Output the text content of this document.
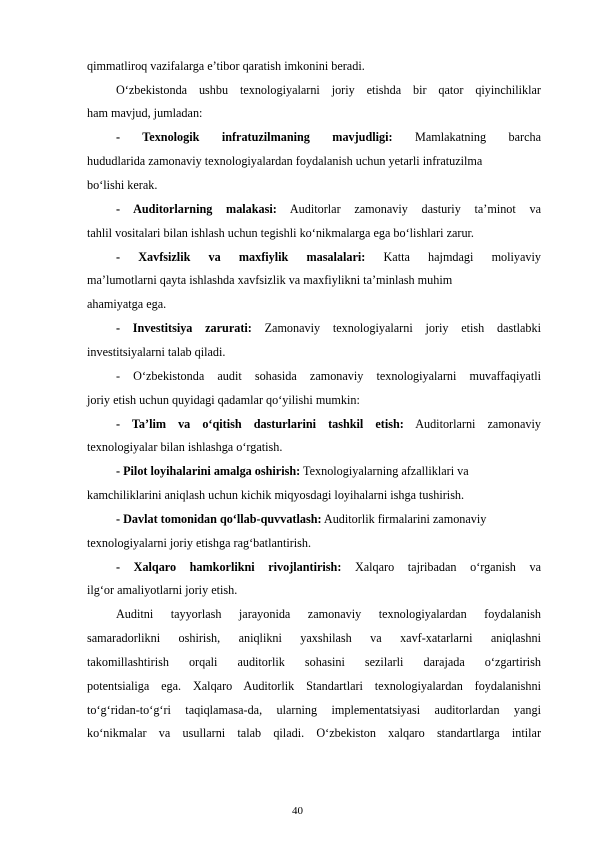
qimmatliroq vazifalarga e’tibor qaratish imkonini beradi.
O‘zbekistonda ushbu texnologiyalarni joriy etishda bir qator qiyinchiliklar
ham mavjud, jumladan:
- Texnologik infratuzilmaning mavjudligi: Mamlakatning barcha
hududlarida zamonaviy texnologiyalardan foydalanish uchun yetarli infratuzilma
bo‘lishi kerak.
- Auditorlarning malakasi: Auditorlar zamonaviy dasturiy ta’minot va
tahlil vositalari bilan ishlash uchun tegishli ko‘nikmalarga ega bo‘lishlari zarur.
- Xavfsizlik va maxfiylik masalalari: Katta hajmdagi moliyaviy
ma’lumotlarni qayta ishlashda xavfsizlik va maxfiylikni ta’minlash muhim
ahamiyatga ega.
- Investitsiya zarurati: Zamonaviy texnologiyalarni joriy etish dastlabki
investitsiyalarni talab qiladi.
- O‘zbekistonda audit sohasida zamonaviy texnologiyalarni muvaffaqiyatli
joriy etish uchun quyidagi qadamlar qo‘yilishi mumkin:
- Ta’lim va o‘qitish dasturlarini tashkil etish: Auditorlarni zamonaviy
texnologiyalar bilan ishlashga o‘rgatish.
- Pilot loyihalarini amalga oshirish: Texnologiyalarning afzalliklari va
kamchiliklarini aniqlash uchun kichik miqyosdagi loyihalarni ishga tushirish.
- Davlat tomonidan qo‘llab-quvvatlash: Auditorlik firmalarini zamonaviy
texnologiyalarni joriy etishga rag‘batlantirish.
- Xalqaro hamkorlikni rivojlantirish: Xalqaro tajribadan o‘rganish va
ilg‘or amaliyotlarni joriy etish.
Auditni tayyorlash jarayonida zamonaviy texnologiyalardan foydalanish
samaradorlikni oshirish, aniqlikni yaxshilash va xavf-xatarlarni aniqlashni
takomillashtirish orqali auditorlik sohasini sezilarli darajada o‘zgartirish
potentsialiga ega. Xalqaro Auditorlik Standartlari texnologiyalardan foydalanishni
to‘g‘ridan-to‘g‘ri taqiqlamasa-da, ularning implementatsiyasi auditorlardan yangi
ko‘nikmalar va usullarni talab qiladi. O‘zbekiston xalqaro standartlarga intilar
40
